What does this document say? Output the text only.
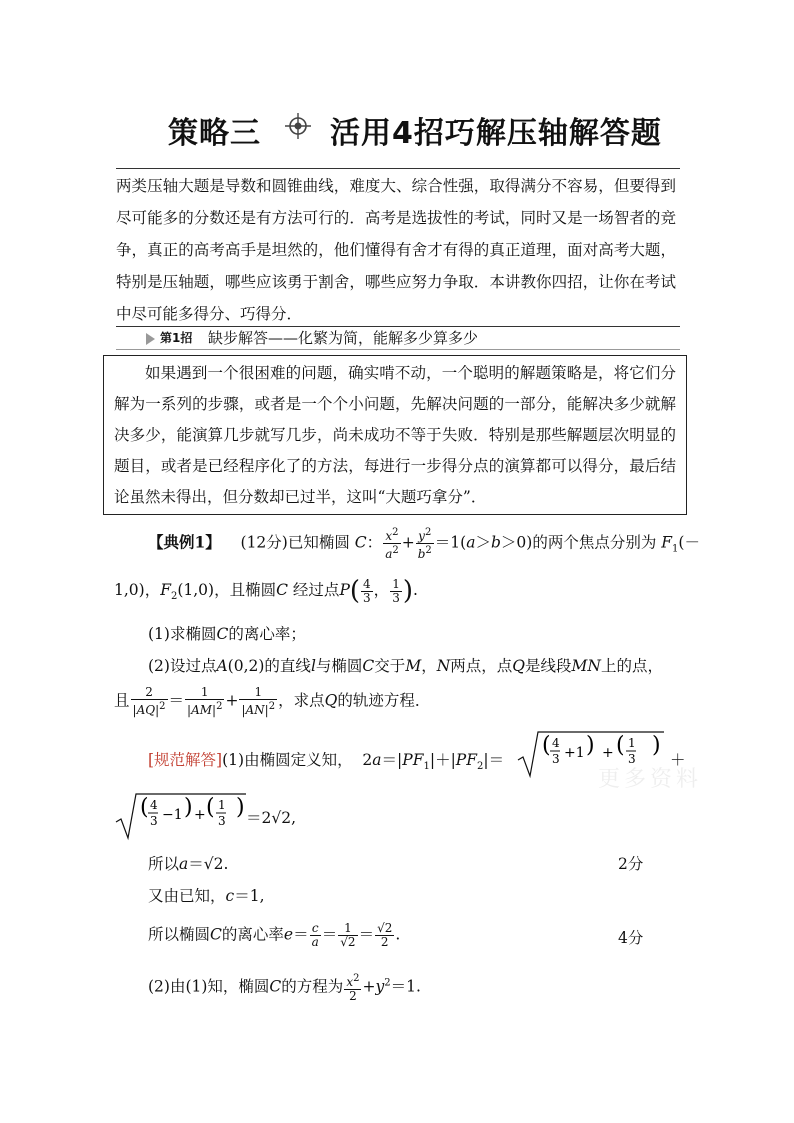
策略三 活用4招巧解压轴解答题

两类压轴大题是导数和圆锥曲线，难度大、综合性强，取得满分不容易，但要得到尽可能多的分数还是有方法可行的．高考是选拔性的考试，同时又是一场智者的竞争，真正的高考高手是坦然的，他们懂得有舍才有得的真正道理，面对高考大题，特别是压轴题，哪些应该勇于割舍，哪些应努力争取．本讲教你四招，让你在考试中尽可能多得分、巧得分．

第1招 缺步解答——化繁为简，能解多少算多少
如果遇到一个很困难的问题，确实啃不动，一个聪明的解题策略是，将它们分解为一系列的步骤，或者是一个个小问题，先解决问题的一部分，能解决多少就解决多少，能演算几步就写几步，尚未成功不等于失败．特别是那些解题层次明显的题目，或者是已经程序化了的方法，每进行一步得分点的演算都可以得分，最后结论虽然未得出，但分数却已过半，这叫“大题巧拿分”．
【典例1】 (12分)已知椭圆 C： $\frac{x^2}{a^2} + \frac{y^2}{b^2} =1(a>b>0)$的两个焦点分别为 $F_1(-$
1,0)，$F_2(1,0)$，且椭圆C 经过点$P( \frac{4}{3}$ ， $\frac{1}{3}$ ).
(1)求椭圆C的离心率；
(2)设过点A(0,2)的直线l与椭圆C交于M，N两点，点Q是线段MN上的点，
且 $\frac{2}{|AQ|^2} = \frac{1}{|AM|^2} + \frac{1}{|AN|^2}$ ，求点Q的轨迹方程．
[规范解答](1)由椭圆定义知，  $2a=|PF_1|+|PF_2|=$
( 4
3 +1 ) + ( 1
3
)
＋
更多资料
( 4
3 −1 ) + ( 1
3
) ＝2√2,
所以a＝√2.	2分
又由已知，c＝1,
所以椭圆C的离心率$e= \frac{c}{a} = \frac{1}{√2} = \frac{√2}{2}$ .	4分
(2)由(1)知，椭圆C的方程为 $\frac{x^2}{2} +y^2=1$.
